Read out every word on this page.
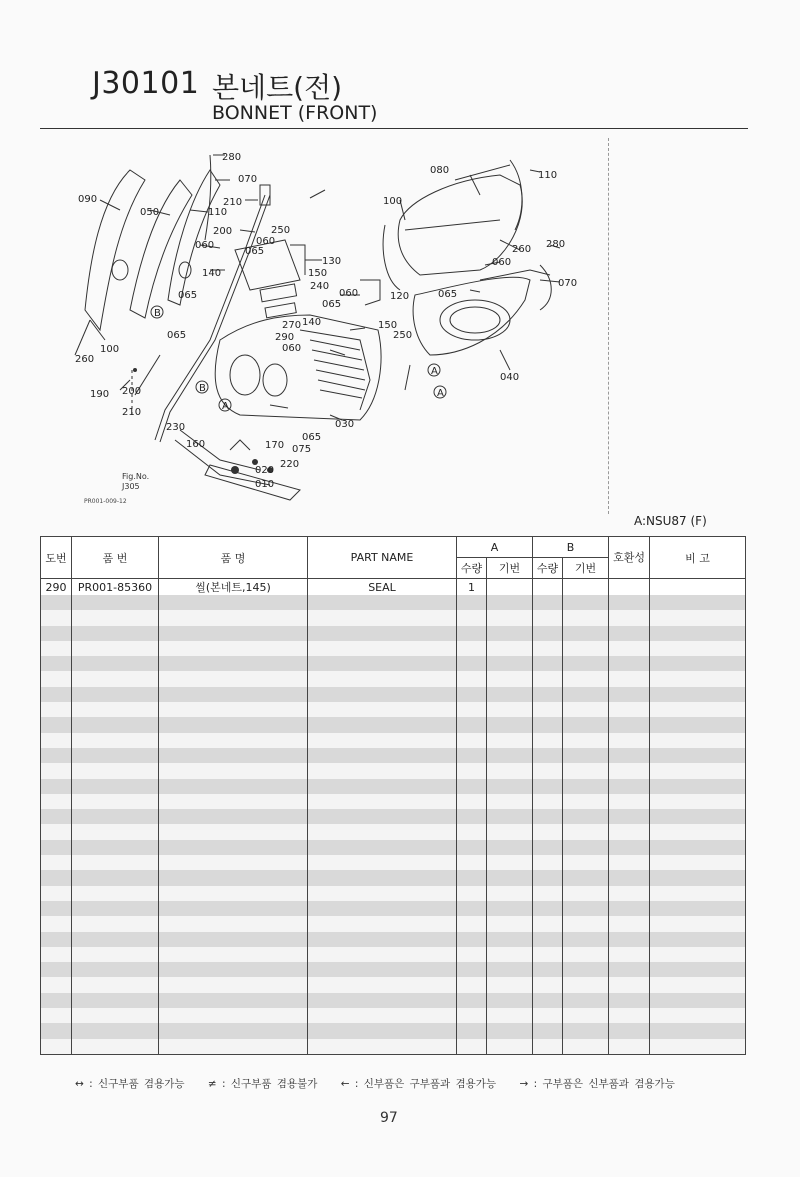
J30101 본네트(전)
BONNET (FRONT)
280
070
090
050	110
210
200	250
060
065
060
140
130
150
240
065	060	120
065
270 140	150
250
065	290
060
100
260
190 200
210
230
160	170
065
075
220
020
010
030
080	110
100
260 280
060
070
065
040
B
B
A
A
A
Fig.No.
J305
PR001-009-12
A:NSU87 (F)
도번	품 번	품 명	PART NAME	A		B		호환성	비 고
				수량	기번	수량	기번		
290	PR001-85360	씰(본네트,145)	SEAL	1					

↔ : 신구부품 겸용가능 ≠ : 신구부품 겸용불가 ← : 신부품은 구부품과 겸용가능 → : 구부품은 신부품과 겸용가능
97
